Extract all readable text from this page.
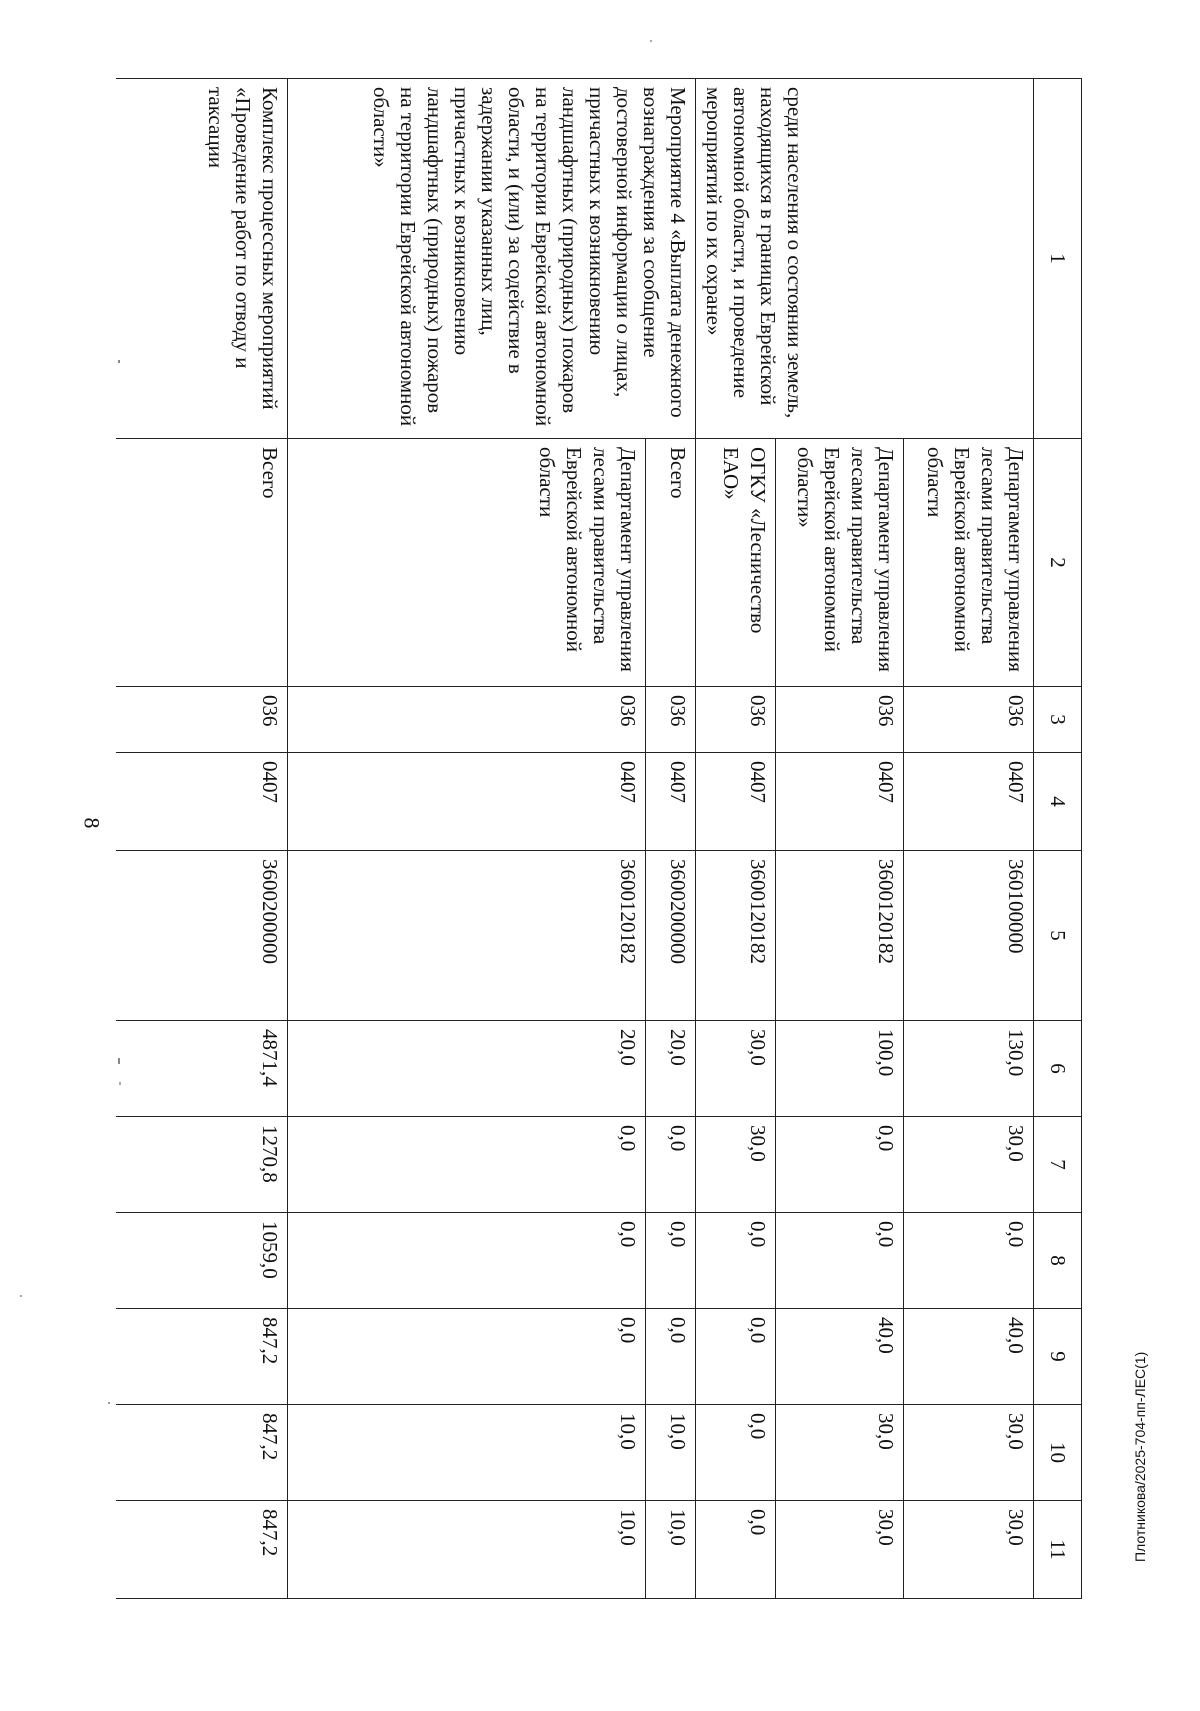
8
1	2	3	4	5	6	7	8	9	10	11
среди населения о состоянии земель, находящихся в границах Еврейской автономной области, и проведение мероприятий по их охране»	Департамент управления лесами правительства Еврейской автономной области	036	0407	360100000	130,0	30,0	0,0	40,0	30,0	30,0
	Департамент управления лесами правительства Еврейской автономной области»	036	0407	3600120182	100,0	0,0	0,0	40,0	30,0	30,0
	ОГКУ «Лесничество ЕАО»	036	0407	3600120182	30,0	30,0	0,0	0,0	0,0	0,0
Мероприятие 4 «Выплата денежного вознаграждения за сообщение достоверной информации о лицах, причастных к возникновению ландшафтных (природных) пожаров на территории Еврейской автономной области, и (или) за содействие в задержании указанных лиц, причастных к возникновению ландшафтных (природных) пожаров на территории Еврейской автономной области»	Всего	036	0407	3600200000	20,0	0,0	0,0	0,0	10,0	10,0
	Департамент управления лесами правительства Еврейской автономной области	036	0407	3600120182	20,0	0,0	0,0	0,0	10,0	10,0
Комплекс процессных мероприятий «Проведение работ по отводу и таксации	Всего	036	0407	3600200000	4871,4	1270,8	1059,0	847,2	847,2	847,2	Плотникова/2025-704-пп-ЛЕС(1)
